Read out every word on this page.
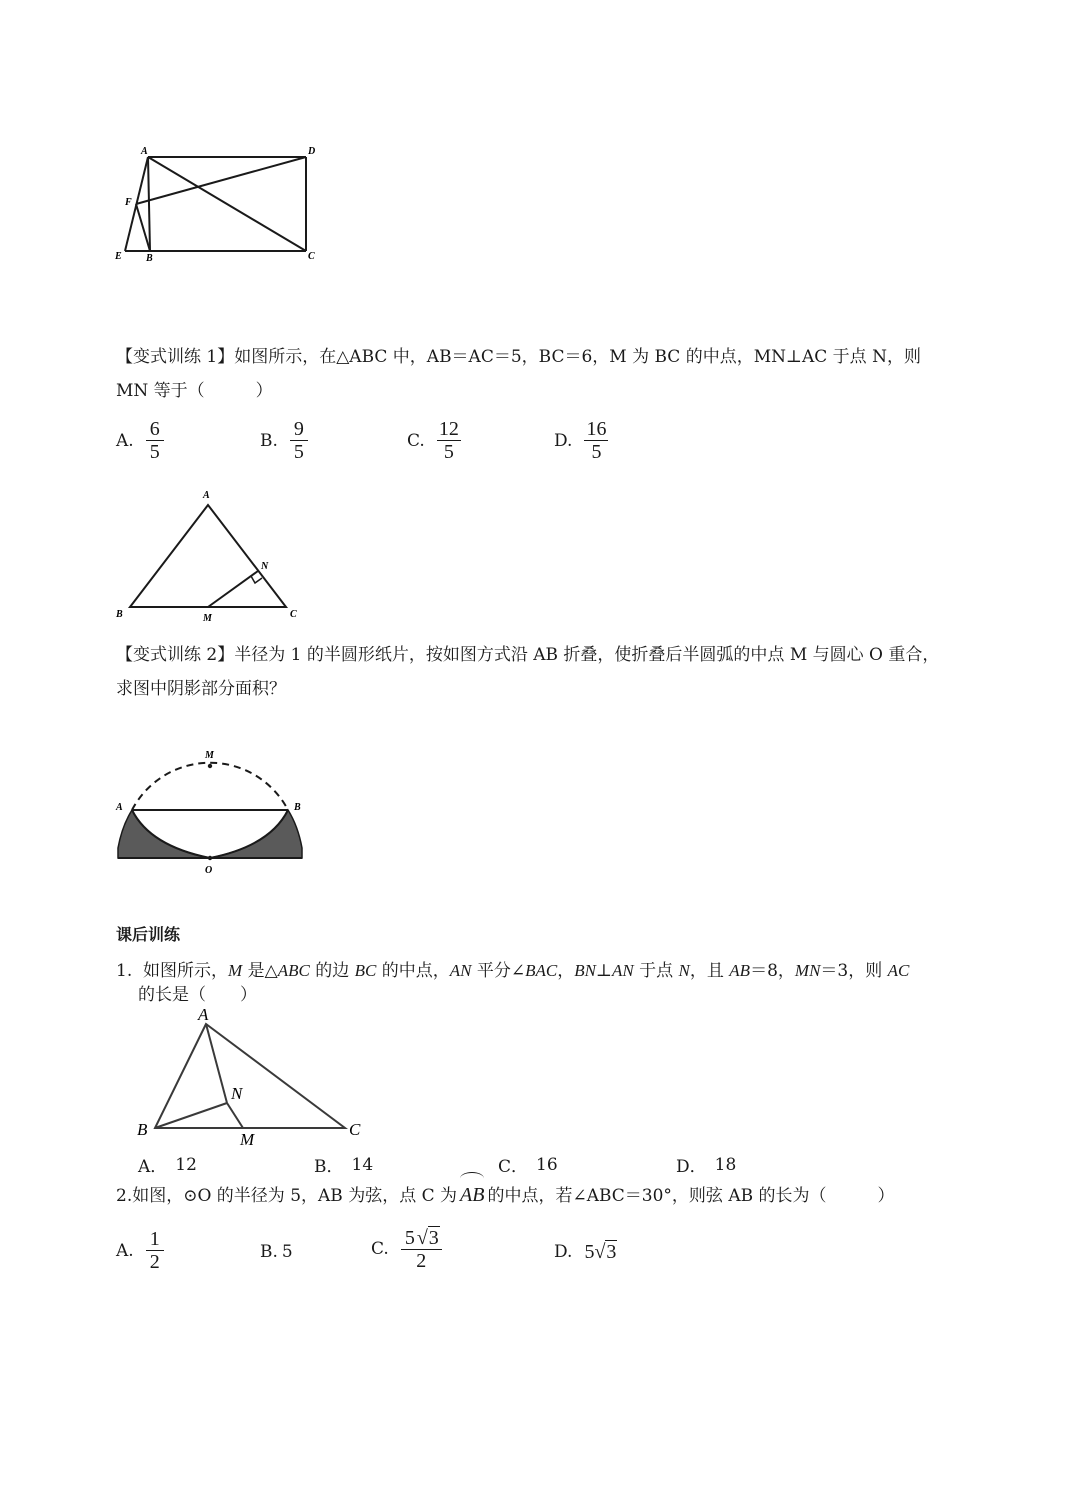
A	D
F
E B	C
【变式训练 1】如图所示，在△ABC 中，AB＝AC＝5，BC＝6，M 为 BC 的中点，MN⊥AC 于点 N，则
MN 等于（　　　）
A. $\frac{6}{5}$	B. $\frac{9}{5}$	C. $\frac{12}{5}$	D. $\frac{16}{5}$
A
N
B	M	C
【变式训练 2】半径为 1 的半圆形纸片，按如图方式沿 AB 折叠，使折叠后半圆弧的中点 M 与圆心 O 重合，
求图中阴影部分面积？
M
A	B
O
课后训练
1. 如图所示，M 是△ABC 的边 BC 的中点，AN 平分∠BAC，BN⊥AN 于点 N，且 AB＝8，MN＝3，则 AC
的长是（　　）
A
N
B
M
C
A． 12	B． 14	C． 16	D． 18
2.如图，⊙O 的半径为 5，AB 为弦，点 C 为 AB 的中点，若∠ABC＝30°，则弦 AB 的长为（　　　）
A. $\frac{1}{2}$	B. 5	C. $\frac{5 √ 3}{2}$	D. 5 √ 3
